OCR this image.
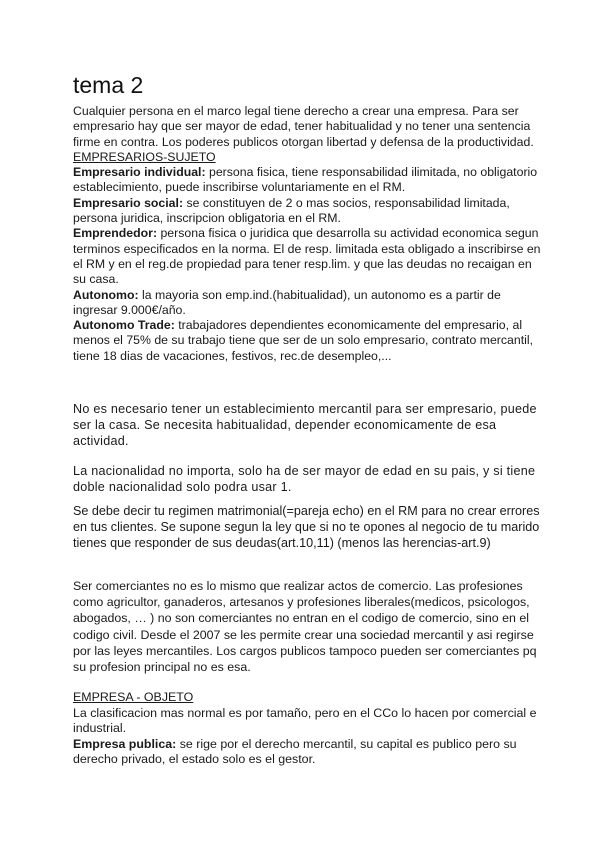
tema 2

Cualquier persona en el marco legal tiene derecho a crear una empresa. Para ser empresario hay que ser mayor de edad, tener habitualidad y no tener una sentencia firme en contra. Los poderes publicos otorgan libertad y defensa de la productividad.

EMPRESARIOS-SUJETO

Empresario individual: persona fisica, tiene responsabilidad ilimitada, no obligatorio establecimiento, puede inscribirse voluntariamente en el RM.

Empresario social: se constituyen de 2 o mas socios, responsabilidad limitada, persona juridica, inscripcion obligatoria en el RM.

Emprendedor: persona fisica o juridica que desarrolla su actividad economica segun terminos especificados en la norma. El de resp. limitada esta obligado a inscribirse en el RM y en el reg.de propiedad para tener resp.lim. y que las deudas no recaigan en su casa.

Autonomo: la mayoria son emp.ind.(habitualidad), un autonomo es a partir de ingresar 9.000€/año.

Autonomo Trade: trabajadores dependientes economicamente del empresario, al menos el 75% de su trabajo tiene que ser de un solo empresario, contrato mercantil, tiene 18 dias de vacaciones, festivos, rec.de desempleo,...

No es necesario tener un establecimiento mercantil para ser empresario, puede ser la casa. Se necesita habitualidad, depender economicamente de esa actividad.

La nacionalidad no importa, solo ha de ser mayor de edad en su pais, y si tiene doble nacionalidad solo podra usar 1.

Se debe decir tu regimen matrimonial(=pareja echo) en el RM para no crear errores en tus clientes. Se supone segun la ley que si no te opones al negocio de tu marido tienes que responder de sus deudas(art.10,11) (menos las herencias-art.9)

Ser comerciantes no es lo mismo que realizar actos de comercio. Las profesiones como agricultor, ganaderos, artesanos y profesiones liberales(medicos, psicologos, abogados, … ) no son comerciantes no entran en el codigo de comercio, sino en el codigo civil. Desde el 2007 se les permite crear una sociedad mercantil y asi regirse por las leyes mercantiles. Los cargos publicos tampoco pueden ser comerciantes pq su profesion principal no es esa.

EMPRESA - OBJETO

La clasificacion mas normal es por tamaño, pero en el CCo lo hacen por comercial e industrial.

Empresa publica: se rige por el derecho mercantil, su capital es publico pero su derecho privado, el estado solo es el gestor.
